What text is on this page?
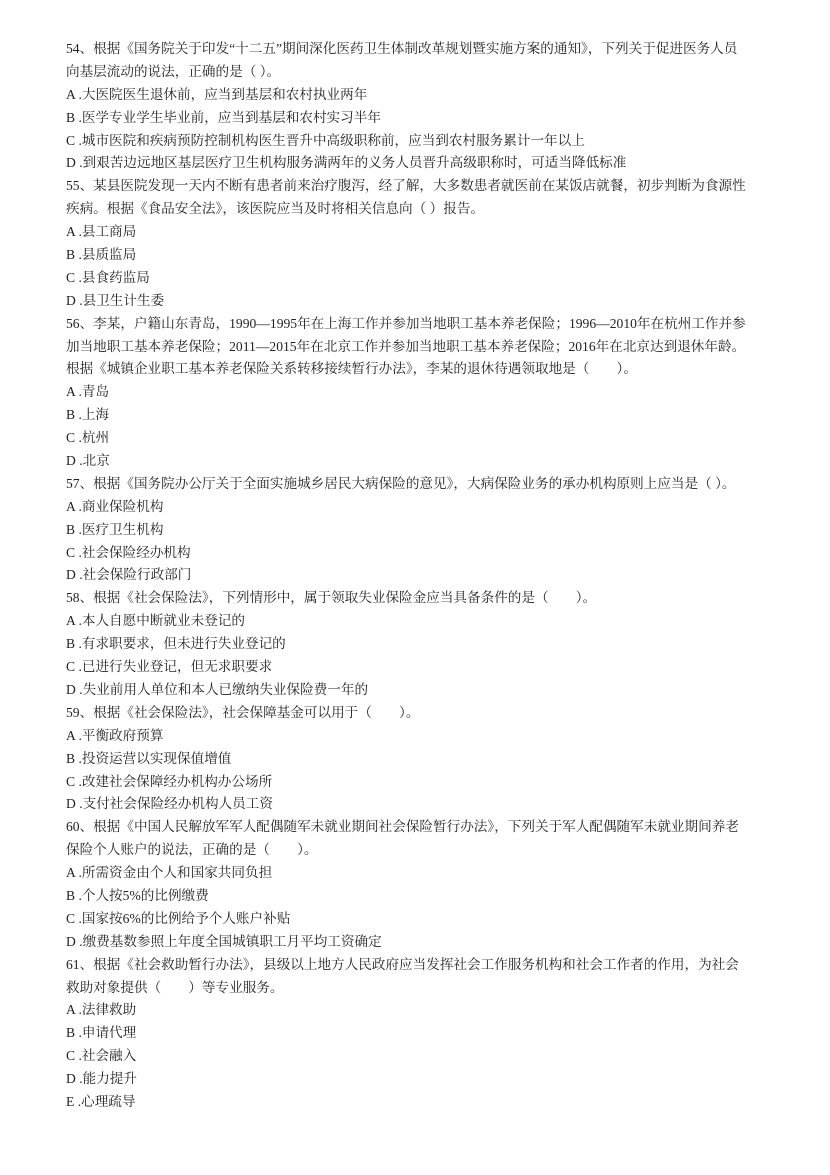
54、根据《国务院关于印发“十二五”期间深化医药卫生体制改革规划暨实施方案的通知》，下列关于促进医务人员
向基层流动的说法，正确的是（ ）。
A .大医院医生退休前，应当到基层和农村执业两年
B .医学专业学生毕业前，应当到基层和农村实习半年
C .城市医院和疾病预防控制机构医生晋升中高级职称前，应当到农村服务累计一年以上
D .到艰苦边远地区基层医疗卫生机构服务满两年的义务人员晋升高级职称时，可适当降低标准
55、某县医院发现一天内不断有患者前来治疗腹泻，经了解，大多数患者就医前在某饭店就餐，初步判断为食源性
疾病。根据《食品安全法》，该医院应当及时将相关信息向（ ）报告。
A .县工商局
B .县质监局
C .县食药监局
D .县卫生计生委
56、李某，户籍山东青岛，1990—1995年在上海工作并参加当地职工基本养老保险；1996—2010年在杭州工作并参
加当地职工基本养老保险；2011—2015年在北京工作并参加当地职工基本养老保险；2016年在北京达到退休年龄。
根据《城镇企业职工基本养老保险关系转移接续暂行办法》，李某的退休待遇领取地是（　　）。
A .青岛
B .上海
C .杭州
D .北京
57、根据《国务院办公厅关于全面实施城乡居民大病保险的意见》，大病保险业务的承办机构原则上应当是（ ）。
A .商业保险机构
B .医疗卫生机构
C .社会保险经办机构
D .社会保险行政部门
58、根据《社会保险法》，下列情形中，属于领取失业保险金应当具备条件的是（　　）。
A .本人自愿中断就业未登记的
B .有求职要求，但未进行失业登记的
C .已进行失业登记，但无求职要求
D .失业前用人单位和本人已缴纳失业保险费一年的
59、根据《社会保险法》，社会保障基金可以用于（　　）。
A .平衡政府预算
B .投资运营以实现保值增值
C .改建社会保障经办机构办公场所
D .支付社会保险经办机构人员工资
60、根据《中国人民解放军军人配偶随军未就业期间社会保险暂行办法》，下列关于军人配偶随军未就业期间养老
保险个人账户的说法，正确的是（　　）。
A .所需资金由个人和国家共同负担
B .个人按5%的比例缴费
C .国家按6%的比例给予个人账户补贴
D .缴费基数参照上年度全国城镇职工月平均工资确定
61、根据《社会救助暂行办法》，县级以上地方人民政府应当发挥社会工作服务机构和社会工作者的作用，为社会
救助对象提供（　　）等专业服务。
A .法律救助
B .申请代理
C .社会融入
D .能力提升
E .心理疏导
